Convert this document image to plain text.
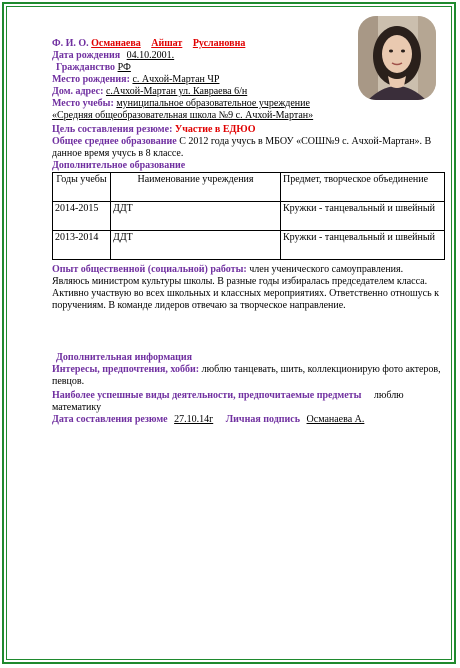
Ф. И. О. Османаева Айшат Руслановна
Дата рождения 04.10.2001.
Гражданство РФ
Место рождения: с. Ачхой-Мартан ЧР
Дом. адрес: с.Ачхой-Мартан ул. Кавраева 6/н
Место учебы: муниципальное образовательное учреждение
«Средняя общеобразовательная школа №9 с. Ачхой-Мартан»
Цель составления резюме: Участие в ЕДЮО
Общее среднее образование С 2012 года учусь в МБОУ «СОШ№9 с. Ачхой-Мартан». В данное время учусь в 8 классе.
Дополнительное образование
Годы учебы	Наименование учреждения	Предмет, творческое объединение
2014-2015	ДДТ	Кружки - танцевальный и швейный
2013-2014	ДДТ	Кружки - танцевальный и швейный
Опыт общественной (социальной) работы: член ученического самоуправления. Являюсь министром культуры школы. В разные годы избиралась председателем класса. Активно участвую во всех школьных и классных мероприятиях. Ответственно отношусь к поручениям. В команде лидеров отвечаю за творческое направление.
Дополнительная информация
Интересы, предпочтения, хобби: люблю танцевать, шить, коллекционирую фото актеров, певцов.
Наиболее успешные виды деятельности, предпочитаемые предметы люблю математику
Дата составления резюме 27.10.14г Личная подпись Османаева А.
